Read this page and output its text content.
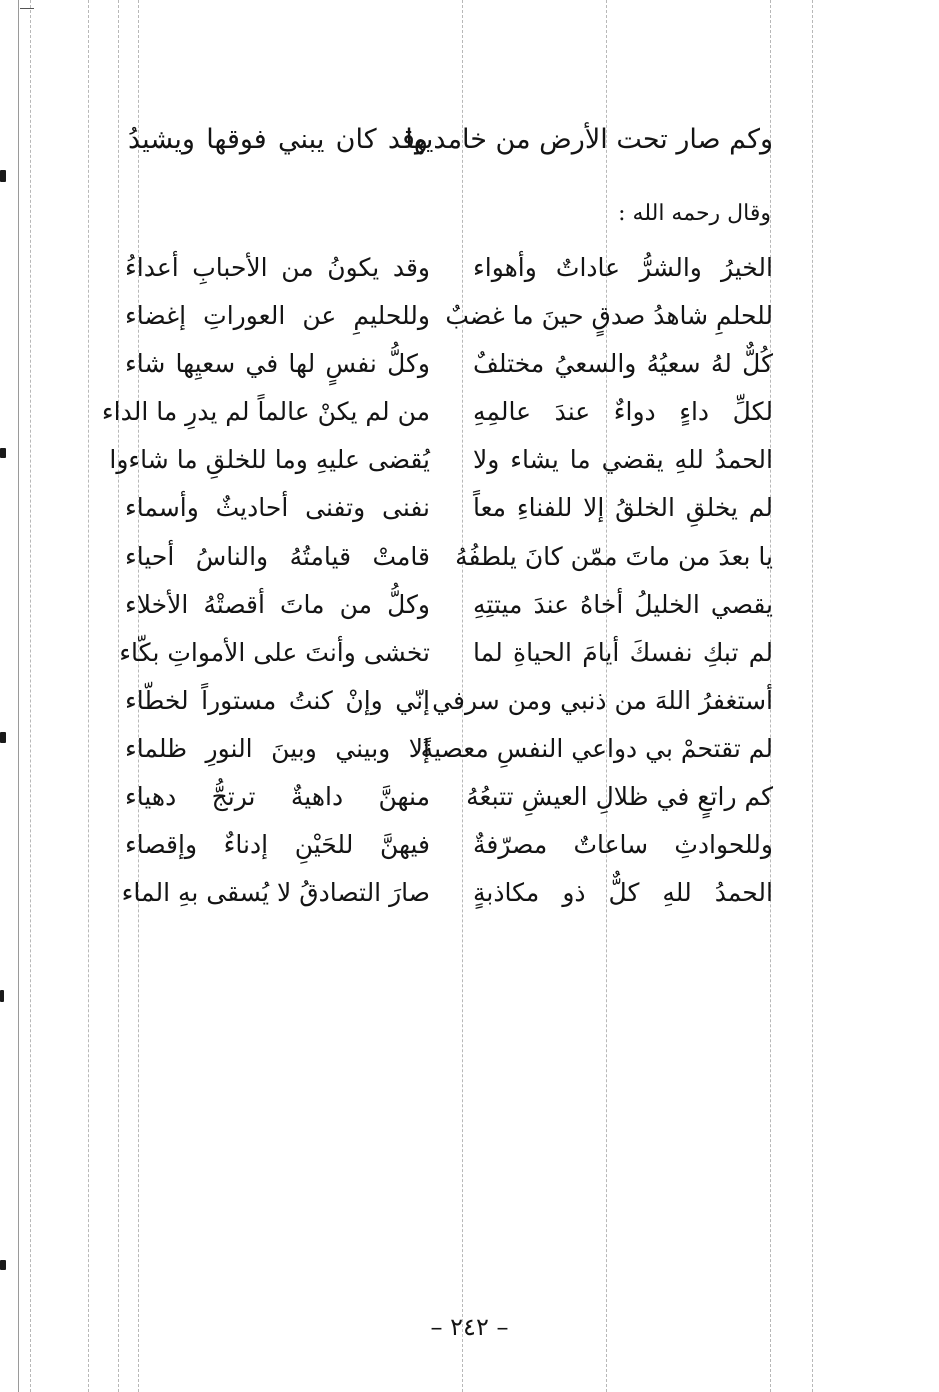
وكم صار تحت الأرض من خامديها
وقد كان يبني فوقها ويشيدُ
وقال رحمه الله :
الخيرُ والشرُّ عاداتٌ وأهواء
وقد يكونُ من الأحبابِ أعداءُ
للحلمِ شاهدُ صدقٍ حينَ ما غضبٌ
وللحليمِ عن العوراتِ إغضاء
كُلٌّ لهُ سعيُهُ والسعيُ مختلفٌ
وكلُّ نفسٍ لها في سعيِها شاء
لكلِّ داءٍ دواءٌ عندَ عالمِهِ
من لم يكنْ عالماً لم يدرِ ما الداء
الحمدُ للهِ يقضي ما يشاء ولا
يُقضى عليهِ وما للخلقِ ما شاءوا
لم يخلقِ الخلقُ إلا للفناءِ معاً
نفنى وتفنى أحاديثٌ وأسماء
يا بعدَ من ماتَ ممّن كانَ يلطفُهُ
قامتْ قيامتُهُ والناسُ أحياء
يقصي الخليلُ أخاهُ عندَ ميتتِهِ
وكلُّ من ماتَ أقصتْهُ الأخلاء
لم تبكِ نفسكَ أيامَ الحياةِ لما
تخشى وأنتَ على الأمواتِ بكّاء
أستغفرُ اللهَ من ذنبي ومن سرفي
إنّي وإنْ كنتُ مستوراً لخطّاء
لم تقتحمْ بي دواعي النفسِ معصيةً
إلا وبيني وبينَ النورِ ظلماء
كم راتعٍ في ظلالِ العيشِ تتبعُهُ
منهنَّ داهيةٌ ترتجُّ دهياء
وللحوادثِ ساعاتٌ مصرّفةٌ
فيهنَّ للحَيْنِ إدناءٌ وإقصاء
الحمدُ للهِ كلٌّ ذو مكاذبةٍ
صارَ التصادقُ لا يُسقى بهِ الماء
– ٢٤٢ –
